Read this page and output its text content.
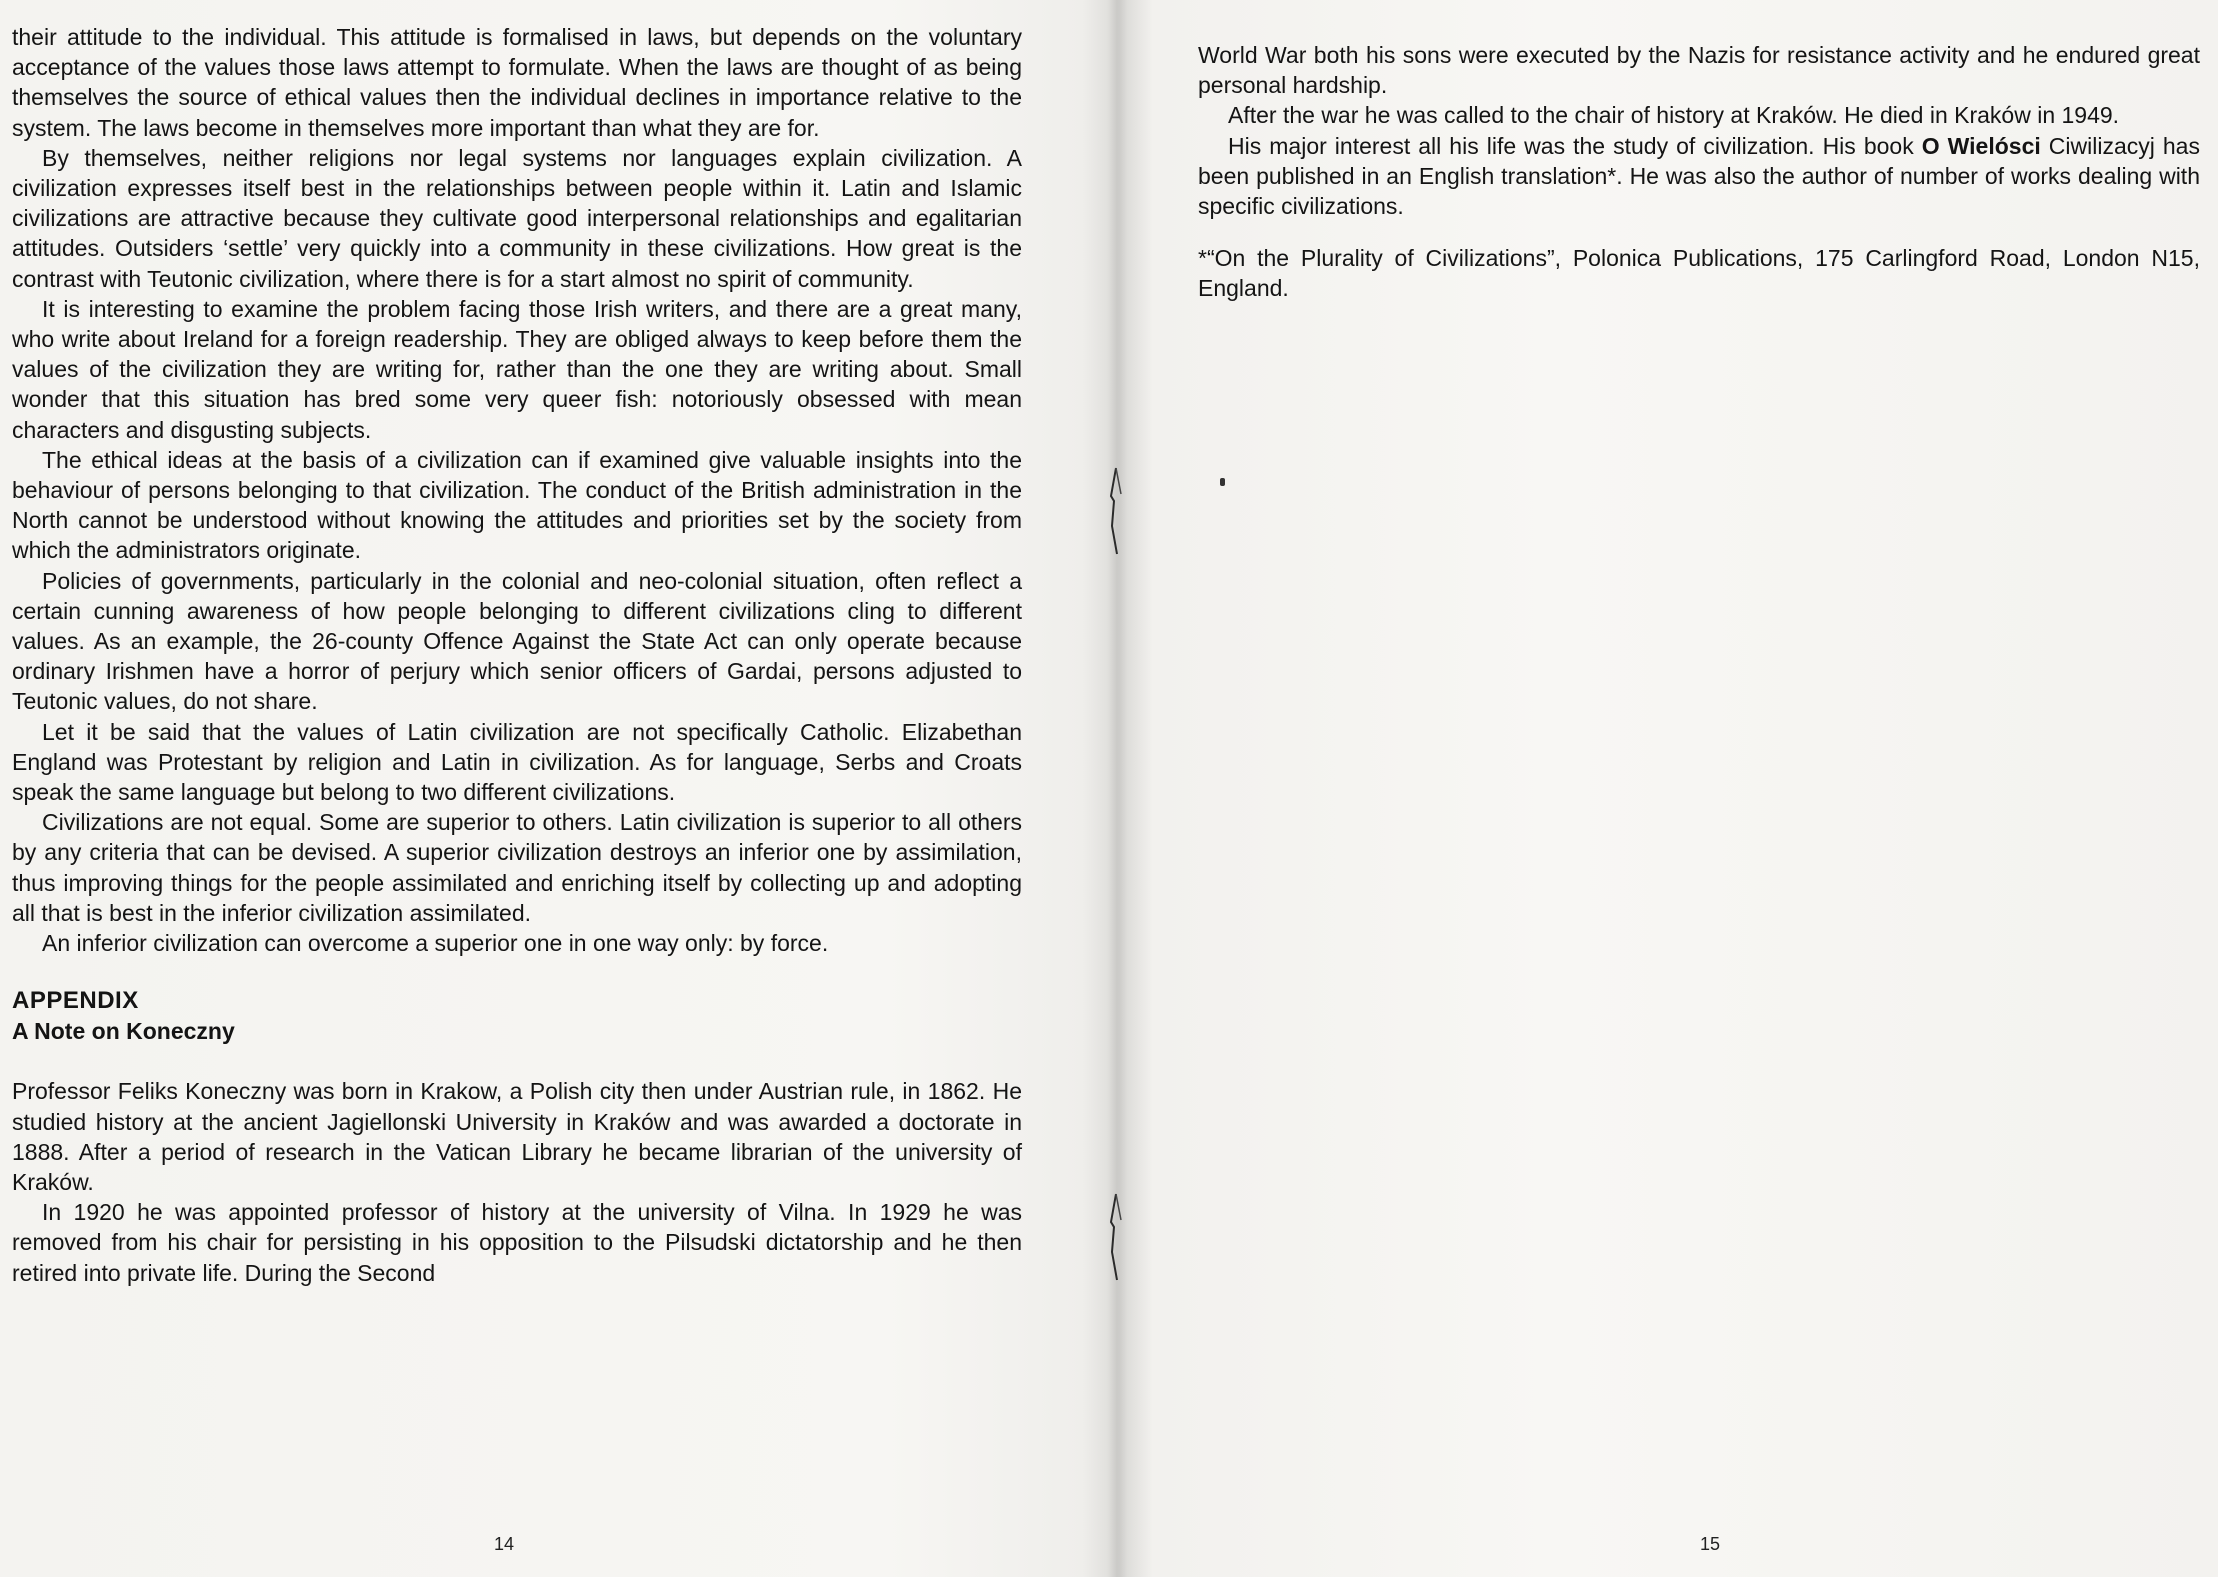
their attitude to the individual. This attitude is formalised in laws, but depends on the voluntary acceptance of the values those laws attempt to formulate. When the laws are thought of as being themselves the source of ethical values then the individual declines in importance relative to the system. The laws become in themselves more important than what they are for.

By themselves, neither religions nor legal systems nor languages explain civilization. A civilization expresses itself best in the relationships between people within it. Latin and Islamic civilizations are attractive because they cultivate good interpersonal relationships and egalitarian attitudes. Outsiders ‘settle’ very quickly into a community in these civilizations. How great is the contrast with Teutonic civilization, where there is for a start almost no spirit of community.

It is interesting to examine the problem facing those Irish writers, and there are a great many, who write about Ireland for a foreign readership. They are obliged always to keep before them the values of the civilization they are writing for, rather than the one they are writing about. Small wonder that this situation has bred some very queer fish: notoriously obsessed with mean characters and disgusting subjects.

The ethical ideas at the basis of a civilization can if examined give valuable insights into the behaviour of persons belonging to that civilization. The conduct of the British administration in the North cannot be understood without knowing the attitudes and priorities set by the society from which the administrators originate.

Policies of governments, particularly in the colonial and neo-colonial situation, often reflect a certain cunning awareness of how people belonging to different civilizations cling to different values. As an example, the 26-county Offence Against the State Act can only operate because ordinary Irishmen have a horror of perjury which senior officers of Gardai, persons adjusted to Teutonic values, do not share.

Let it be said that the values of Latin civilization are not specifically Catholic. Elizabethan England was Protestant by religion and Latin in civilization. As for language, Serbs and Croats speak the same language but belong to two different civilizations.

Civilizations are not equal. Some are superior to others. Latin civilization is superior to all others by any criteria that can be devised. A superior civilization destroys an inferior one by assimilation, thus improving things for the people assimilated and enriching itself by collecting up and adopting all that is best in the inferior civilization assimilated.

An inferior civilization can overcome a superior one in one way only: by force.

APPENDIX
A Note on Koneczny

Professor Feliks Koneczny was born in Krakow, a Polish city then under Austrian rule, in 1862. He studied history at the ancient Jagiellonski University in Kraków and was awarded a doctorate in 1888. After a period of research in the Vatican Library he became librarian of the university of Kraków.

In 1920 he was appointed professor of history at the university of Vilna. In 1929 he was removed from his chair for persisting in his opposition to the Pilsudski dictatorship and he then retired into private life. During the Second

14

World War both his sons were executed by the Nazis for resistance activity and he endured great personal hardship.

After the war he was called to the chair of history at Kraków. He died in Kraków in 1949.

His major interest all his life was the study of civilization. His book O Wielósci Ciwilizacyj has been published in an English translation*. He was also the author of number of works dealing with specific civilizations.

*“On the Plurality of Civilizations”, Polonica Publications, 175 Carlingford Road, London N15, England.

15
